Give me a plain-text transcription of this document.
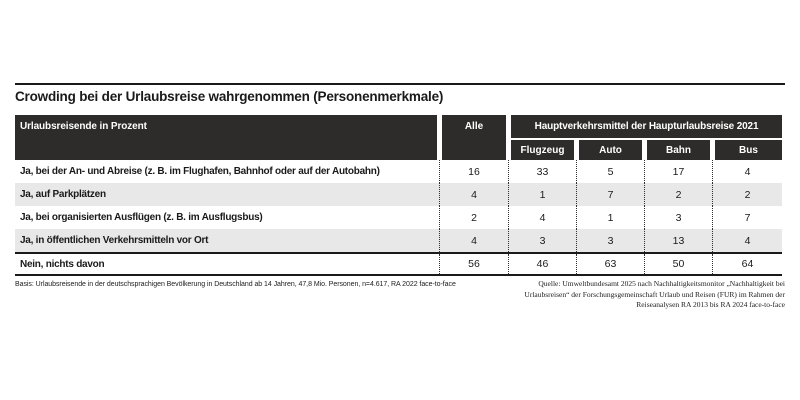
Crowding bei der Urlaubsreise wahrgenommen (Personenmerkmale)
Urlaubsreisende in Prozent	Alle	Hauptverkehrsmittel der Haupturlaubsreise 2021
Flugzeug	Auto	Bahn	Bus
Ja, bei der An- und Abreise (z. B. im Flughafen, Bahnhof oder auf der Autobahn)	16	33	5	17	4
Ja, auf Parkplätzen	4	1	7	2	2
Ja, bei organisierten Ausflügen (z. B. im Ausflugsbus)	2	4	1	3	7
Ja, in öffentlichen Verkehrsmitteln vor Ort	4	3	3	13	4
Nein, nichts davon	56	46	63	50	64
Basis: Urlaubsreisende in der deutschsprachigen Bevölkerung in Deutschland ab 14 Jahren, 47,8 Mio. Personen, n=4.617, RA 2022 face-to-face	Quelle: Umweltbundesamt 2025 nach Nachhaltigkeitsmonitor „Nachhaltigkeit bei Urlaubsreisen“ der Forschungsgemeinschaft Urlaub und Reisen (FUR) im Rahmen der Reiseanalysen RA 2013 bis RA 2024 face-to-face
